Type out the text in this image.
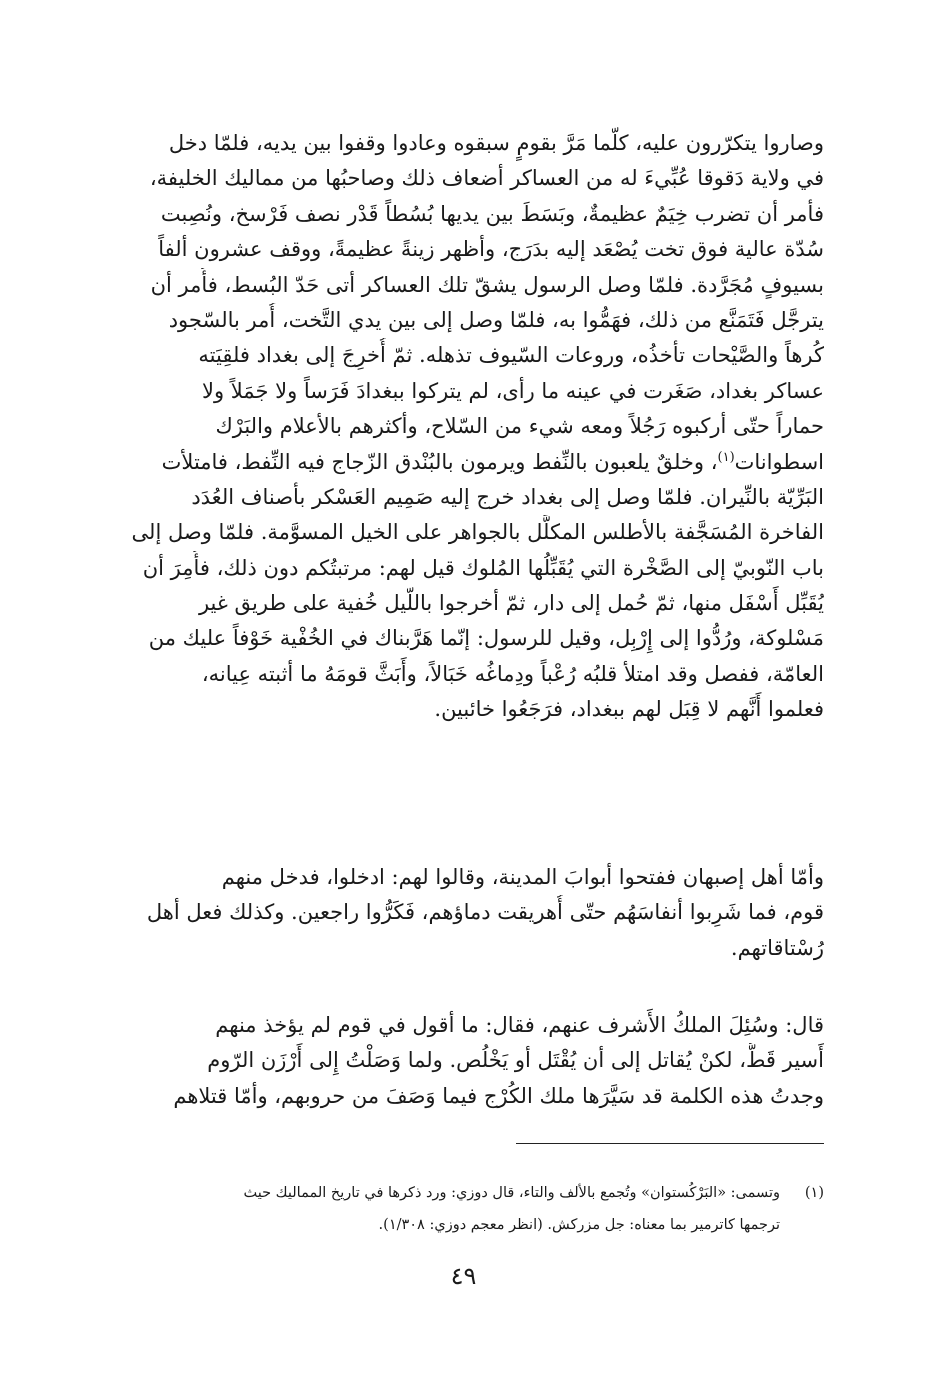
وصاروا يتكرّرون عليه، كلّما مَرَّ بقومٍ سبقوه وعادوا وقفوا بين يديه، فلمّا دخل
في ولاية دَقوقا عُبِّيءَ له من العساكر أضعاف ذلك وصاحبُها من مماليك الخليفة،
فأمر أن تضرب خِيَمٌ عظيمةٌ، وبَسَطَ بين يديها بُسُطاً قَدْر نصف فَرْسخ، ونُصِبت
سُدّة عالية فوق تخت يُصْعَد إليه بدَرَج، وأظهر زينةً عظيمةً، ووقف عشرون ألفاً
بسيوفٍ مُجَرَّدة. فلمّا وصل الرسول يشقّ تلك العساكر أتى حَدّ البُسط، فأُمر أن
يترجَّل فَتَمَنَّع من ذلك، فهَمُّوا به، فلمّا وصل إلى بين يدي التَّخت، أُمر بالسّجود
كُرهاً والصَّيْحات تأخذُه، وروعات السّيوف تذهله. ثمّ أُخرِجَ إلى بغداد فلقِيَته
عساكر بغداد، صَغَرت في عينه ما رأى، لم يتركوا ببغدادَ فَرَساً ولا جَمَلاً ولا
حماراً حتّى أركبوه رَجُلاً ومعه شيء من السّلاح، وأكثرهم بالأعلام والبَرْك
اسطوانات$^{(١)}$، وخلقٌ يلعبون بالنِّفط ويرمون بالبُنْدق الزّجاج فيه النِّفط، فامتلأت
البَرِّيّة بالنِّيران. فلمّا وصل إلى بغداد خرج إليه صَمِيم العَسْكر بأصناف العُدَد
الفاخرة المُسَجَّفة بالأطلس المكلَّل بالجواهر على الخيل المسوَّمة. فلمّا وصل إلى
باب النّوبيّ إلى الصَّخْرة التي يُقَبِّلُها المُلوك قيل لهم: مرتبتُكم دون ذلك، فأُمِرَ أن
يُقَبِّل أَسْفَل منها، ثمّ حُمل إلى دار، ثمّ أخرجوا باللّيل خُفية على طريق غير
مَسْلوكة، ورُدُّوا إلى إِرْبِل، وقيل للرسول: إنّما هَرَّبناك في الخُفْية خَوْفاً عليك من
العامّة، ففصل وقد امتلأ قلبُه رُعْباً ودِماغُه خَبَالاً، وأَبَثَّ قومَهُ ما أثبته عِيانه،
فعلموا أَنَّهم لا قِبَل لهم ببغداد، فرَجَعُوا خائبين.

وأمّا أهل إصبهان ففتحوا أبوابَ المدينة، وقالوا لهم: ادخلوا، فدخل منهم
قوم، فما شَرِبوا أنفاسَهُم حتّى أُهريقت دماؤهم، فَكَرُّوا راجعين. وكذلك فعل أهل
رُسْتاقاتهم.

قال: وسُئِلَ الملكُ الأَشرف عنهم، فقال: ما أقول في قوم لم يؤخذ منهم
أَسير قَطُّ، لكنْ يُقاتل إلى أن يُقْتَل أو يَخْلُص. ولما وَصَلْتُ إِلى أَرْزَن الرّوم
وجدتُ هذه الكلمة قد سَيَّرَها ملك الكُرْج فيما وَصَفَ من حروبهم، وأمّا قتلاهم

(١)وتسمى: «البَرْكُستوان» وتُجمع بالألف والتاء، قال دوزي: ورد ذكرها في تاريخ المماليك حيث
ترجمها كاترمير بما معناه: جل مزركش. (انظر معجم دوزي: ١/٣٠٨).
٤٩
